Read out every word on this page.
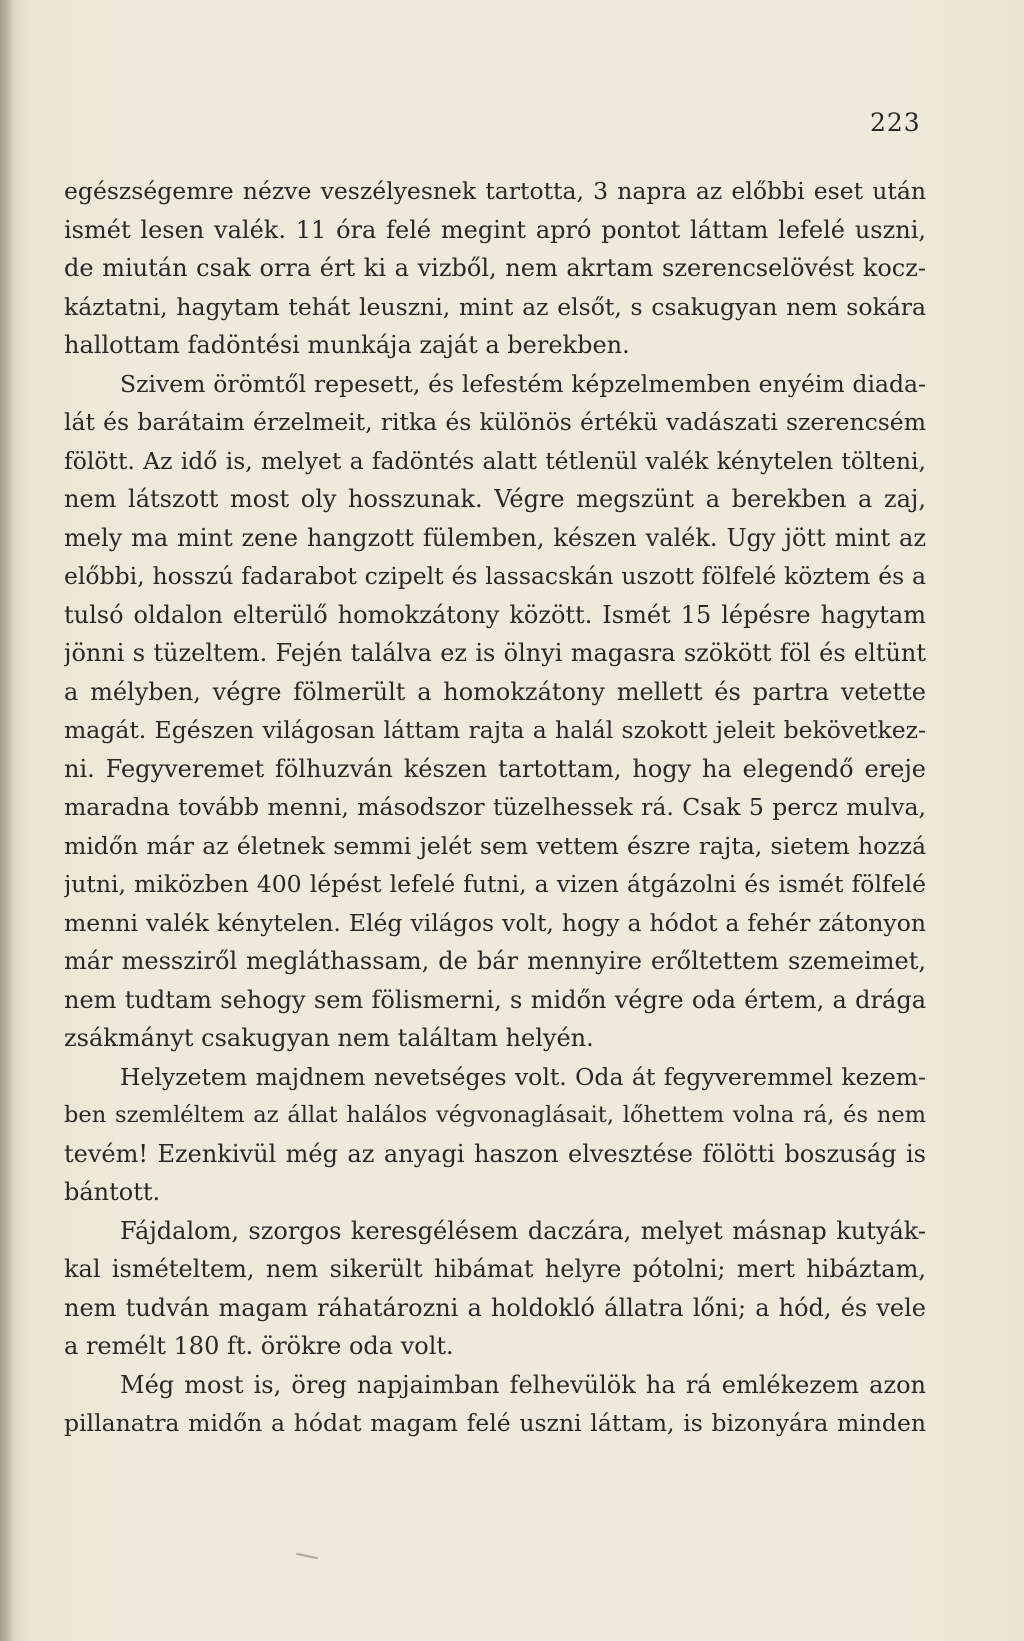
223
egészségemre nézve veszélyesnek tartotta, 3 napra az előbbi eset után
ismét lesen valék. 11 óra felé megint apró pontot láttam lefelé uszni,
de miután csak orra ért ki a vizből, nem akrtam szerencselövést kocz-
káztatni, hagytam tehát leuszni, mint az elsőt, s csakugyan nem sokára
hallottam fadöntési munkája zaját a berekben.
Szivem örömtől repesett, és lefestém képzelmemben enyéim diada-
lát és barátaim érzelmeit, ritka és különös értékü vadászati szerencsém
fölött. Az idő is, melyet a fadöntés alatt tétlenül valék kénytelen tölteni,
nem látszott most oly hosszunak. Végre megszünt a berekben a zaj,
mely ma mint zene hangzott fülemben, készen valék. Ugy jött mint az
előbbi, hosszú fadarabot czipelt és lassacskán uszott fölfelé köztem és a
tulsó oldalon elterülő homokzátony között. Ismét 15 lépésre hagytam
jönni s tüzeltem. Fején találva ez is ölnyi magasra szökött föl és eltünt
a mélyben, végre fölmerült a homokzátony mellett és partra vetette
magát. Egészen világosan láttam rajta a halál szokott jeleit bekövetkez-
ni. Fegyveremet fölhuzván készen tartottam, hogy ha elegendő ereje
maradna tovább menni, másodszor tüzelhessek rá. Csak 5 percz mulva,
midőn már az életnek semmi jelét sem vettem észre rajta, sietem hozzá
jutni, miközben 400 lépést lefelé futni, a vizen átgázolni és ismét fölfelé
menni valék kénytelen. Elég világos volt, hogy a hódot a fehér zátonyon
már messziről megláthassam, de bár mennyire erőltettem szemeimet,
nem tudtam sehogy sem fölismerni, s midőn végre oda értem, a drága
zsákmányt csakugyan nem találtam helyén.
Helyzetem majdnem nevetséges volt. Oda át fegyveremmel kezem-
ben szemléltem az állat halálos végvonaglásait, lőhettem volna rá, és nem
tevém! Ezenkivül még az anyagi haszon elvesztése fölötti boszuság is
bántott.
Fájdalom, szorgos keresgélésem daczára, melyet másnap kutyák-
kal ismételtem, nem sikerült hibámat helyre pótolni; mert hibáztam,
nem tudván magam ráhatározni a holdokló állatra lőni; a hód, és vele
a remélt 180 ft. örökre oda volt.
Még most is, öreg napjaimban felhevülök ha rá emlékezem azon
pillanatra midőn a hódat magam felé uszni láttam, is bizonyára minden
